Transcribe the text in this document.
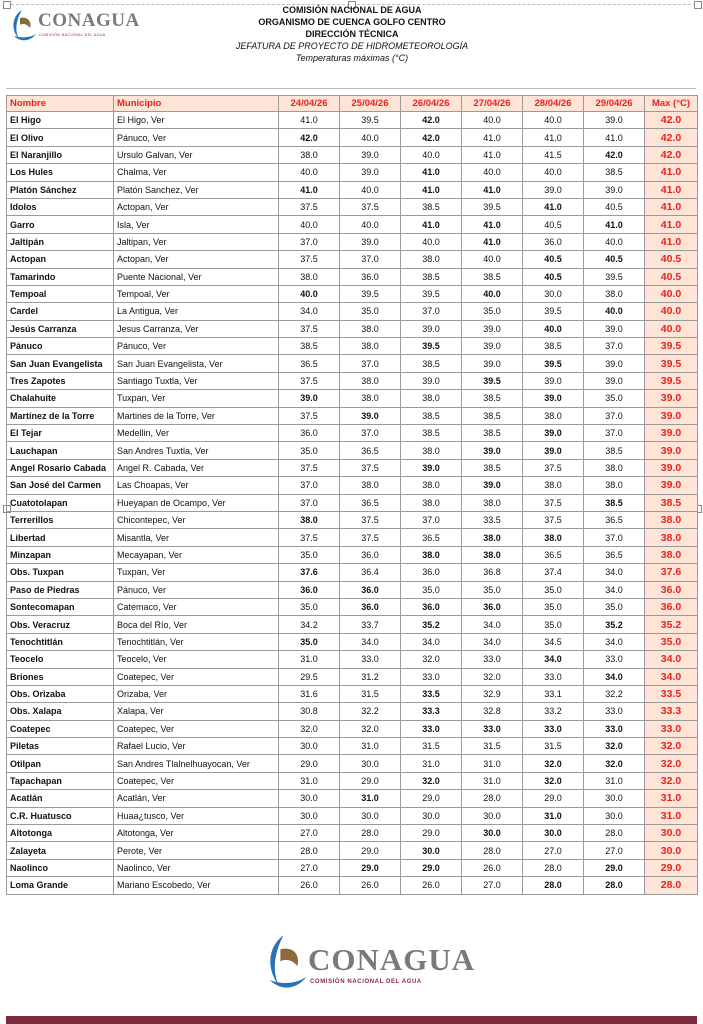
CONAGUA
COMISIÓN NACIONAL DEL AGUA
COMISIÓN NACIONAL DE AGUA
ORGANISMO DE CUENCA GOLFO CENTRO
DIRECCIÓN TÉCNICA
JEFATURA DE PROYECTO DE HIDROMETEOROLOGÍA
Temperaturas máximas (°C)
Nombre	Municipio	24/04/26	25/04/26	26/04/26	27/04/26	28/04/26	29/04/26	Max (°C)
El Higo	El Higo, Ver	41.0	39.5	42.0	40.0	40.0	39.0	42.0
El Olivo	Pánuco, Ver	42.0	40.0	42.0	41.0	41.0	41.0	42.0
El Naranjillo	Ursulo Galvan, Ver	38.0	39.0	40.0	41.0	41.5	42.0	42.0
Los Hules	Chalma, Ver	40.0	39.0	41.0	40.0	40.0	38.5	41.0
Platón Sánchez	Platón Sanchez, Ver	41.0	40.0	41.0	41.0	39.0	39.0	41.0
Idolos	Actopan, Ver	37.5	37.5	38.5	39.5	41.0	40.5	41.0
Garro	Isla, Ver	40.0	40.0	41.0	41.0	40.5	41.0	41.0
Jaltipán	Jaltipan, Ver	37.0	39.0	40.0	41.0	36.0	40.0	41.0
Actopan	Actopan, Ver	37.5	37.0	38.0	40.0	40.5	40.5	40.5
Tamarindo	Puente Nacional, Ver	38.0	36.0	38.5	38.5	40.5	39.5	40.5
Tempoal	Tempoal, Ver	40.0	39.5	39.5	40.0	30.0	38.0	40.0
Cardel	La Antigua, Ver	34.0	35.0	37.0	35.0	39.5	40.0	40.0
Jesús Carranza	Jesus Carranza, Ver	37.5	38.0	39.0	39.0	40.0	39.0	40.0
Pánuco	Pánuco, Ver	38.5	38.0	39.5	39.0	38.5	37.0	39.5
San Juan Evangelista	San Juan Evangelista, Ver	36.5	37.0	38.5	39.0	39.5	39.0	39.5
Tres Zapotes	Santiago Tuxtla, Ver	37.5	38.0	39.0	39.5	39.0	39.0	39.5
Chalahuite	Tuxpan, Ver	39.0	38.0	38.0	38.5	39.0	35.0	39.0
Martínez de la Torre	Martines de la Torre, Ver	37.5	39.0	38.5	38.5	38.0	37.0	39.0
El Tejar	Medellin, Ver	36.0	37.0	38.5	38.5	39.0	37.0	39.0
Lauchapan	San Andres Tuxtla, Ver	35.0	36.5	38.0	39.0	39.0	38.5	39.0
Angel Rosario Cabada	Angel R. Cabada, Ver	37.5	37.5	39.0	38.5	37.5	38.0	39.0
San José del Carmen	Las Choapas, Ver	37.0	38.0	38.0	39.0	38.0	38.0	39.0
Cuatotolapan	Hueyapan de Ocampo, Ver	37.0	36.5	38.0	38.0	37.5	38.5	38.5
Terrerillos	Chicontepec, Ver	38.0	37.5	37.0	33.5	37.5	36.5	38.0
Libertad	Misantla, Ver	37.5	37.5	36.5	38.0	38.0	37.0	38.0
Minzapan	Mecayapan, Ver	35.0	36.0	38.0	38.0	36.5	36.5	38.0
Obs. Tuxpan	Tuxpan, Ver	37.6	36.4	36.0	36.8	37.4	34.0	37.6
Paso de Piedras	Pánuco, Ver	36.0	36.0	35.0	35.0	35.0	34.0	36.0
Sontecomapan	Catemaco, Ver	35.0	36.0	36.0	36.0	35.0	35.0	36.0
Obs. Veracruz	Boca del Río, Ver	34.2	33.7	35.2	34.0	35.0	35.2	35.2
Tenochtitlán	Tenochtitlán, Ver	35.0	34.0	34.0	34.0	34.5	34.0	35.0
Teocelo	Teocelo, Ver	31.0	33.0	32.0	33.0	34.0	33.0	34.0
Briones	Coatepec, Ver	29.5	31.2	33.0	32.0	33.0	34.0	34.0
Obs. Orizaba	Orizaba, Ver	31.6	31.5	33.5	32.9	33.1	32.2	33.5
Obs. Xalapa	Xalapa, Ver	30.8	32.2	33.3	32.8	33.2	33.0	33.3
Coatepec	Coatepec, Ver	32.0	32.0	33.0	33.0	33.0	33.0	33.0
Piletas	Rafael Lucio, Ver	30.0	31.0	31.5	31.5	31.5	32.0	32.0
Otilpan	San Andres Tlalnelhuayocan, Ver	29.0	30.0	31.0	31.0	32.0	32.0	32.0
Tapachapan	Coatepec, Ver	31.0	29.0	32.0	31.0	32.0	31.0	32.0
Acatlán	Acatlán, Ver	30.0	31.0	29.0	28.0	29.0	30.0	31.0
C.R. Huatusco	Huaa¿tusco, Ver	30.0	30.0	30.0	30.0	31.0	30.0	31.0
Altotonga	Altotonga, Ver	27.0	28.0	29.0	30.0	30.0	28.0	30.0
Zalayeta	Perote, Ver	28.0	29.0	30.0	28.0	27.0	27.0	30.0
Naolinco	Naolinco, Ver	27.0	29.0	29.0	26.0	28.0	29.0	29.0
Loma Grande	Mariano Escobedo, Ver	26.0	26.0	26.0	27.0	28.0	28.0	28.0
CONAGUA
COMISIÓN NACIONAL DEL AGUA
